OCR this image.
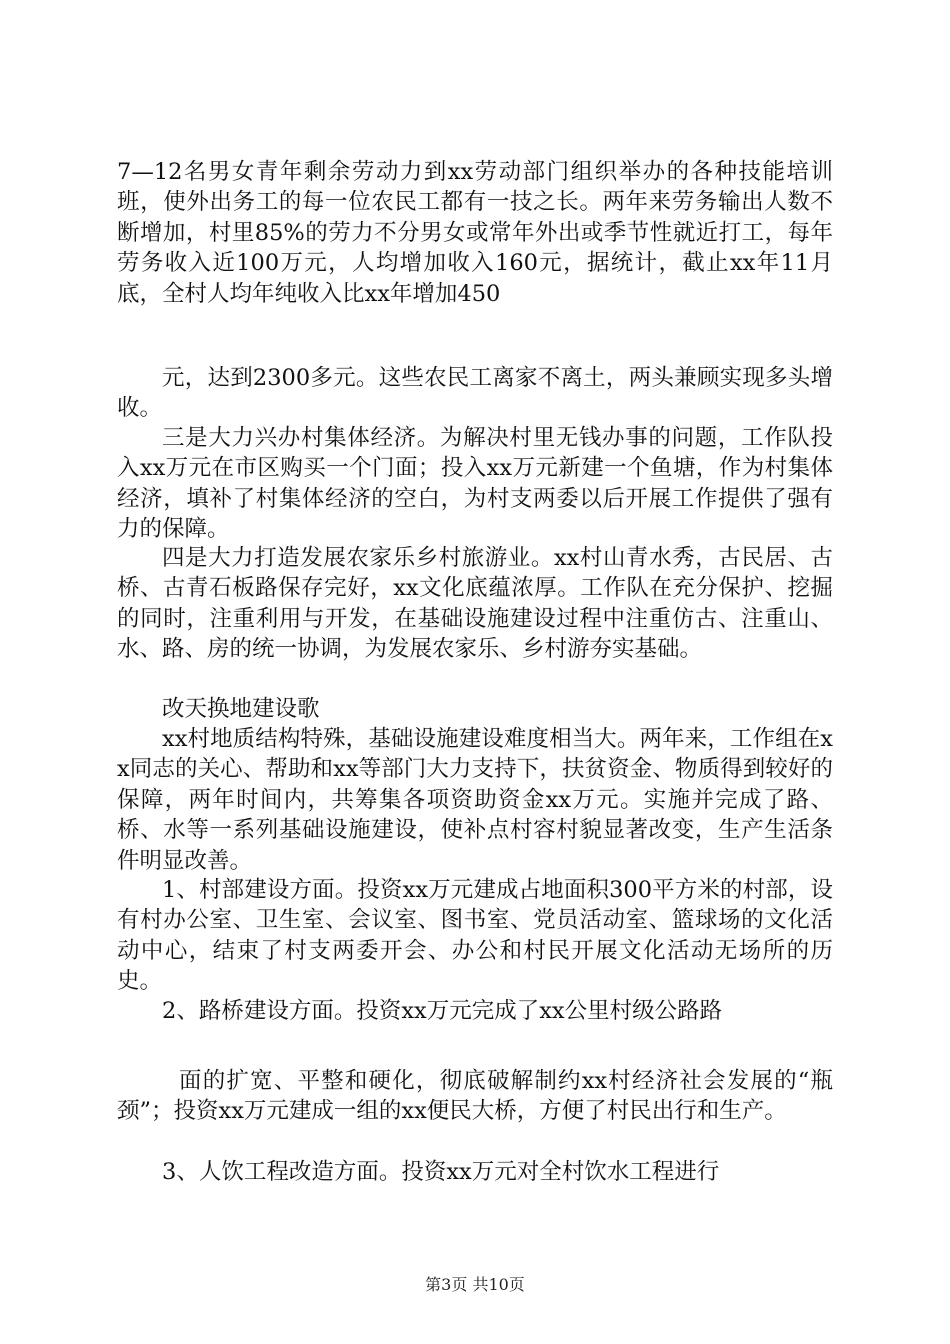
7—12名男女青年剩余劳动力到xx劳动部门组织举办的各种技能培训班，使外出务工的每一位农民工都有一技之长。两年来劳务输出人数不断增加，村里85%的劳力不分男女或常年外出或季节性就近打工，每年劳务收入近100万元，人均增加收入160元，据统计，截止xx年11月底，全村人均年纯收入比xx年增加450

元，达到2300多元。这些农民工离家不离土，两头兼顾实现多头增收。

三是大力兴办村集体经济。为解决村里无钱办事的问题，工作队投入xx万元在市区购买一个门面；投入xx万元新建一个鱼塘，作为村集体经济，填补了村集体经济的空白，为村支两委以后开展工作提供了强有力的保障。

四是大力打造发展农家乐乡村旅游业。xx村山青水秀，古民居、古桥、古青石板路保存完好，xx文化底蕴浓厚。工作队在充分保护、挖掘的同时，注重利用与开发，在基础设施建设过程中注重仿古、注重山、水、路、房的统一协调，为发展农家乐、乡村游夯实基础。

改天换地建设歌

xx村地质结构特殊，基础设施建设难度相当大。两年来，工作组在xx同志的关心、帮助和xx等部门大力支持下，扶贫资金、物质得到较好的保障，两年时间内，共筹集各项资助资金xx万元。实施并完成了路、桥、水等一系列基础设施建设，使补点村容村貌显著改变，生产生活条件明显改善。

1、村部建设方面。投资xx万元建成占地面积300平方米的村部，设有村办公室、卫生室、会议室、图书室、党员活动室、篮球场的文化活动中心，结束了村支两委开会、办公和村民开展文化活动无场所的历史。

2、路桥建设方面。投资xx万元完成了xx公里村级公路路

面的扩宽、平整和硬化，彻底破解制约xx村经济社会发展的“瓶颈”；投资xx万元建成一组的xx便民大桥，方便了村民出行和生产。

3、人饮工程改造方面。投资xx万元对全村饮水工程进行

第3页 共10页
